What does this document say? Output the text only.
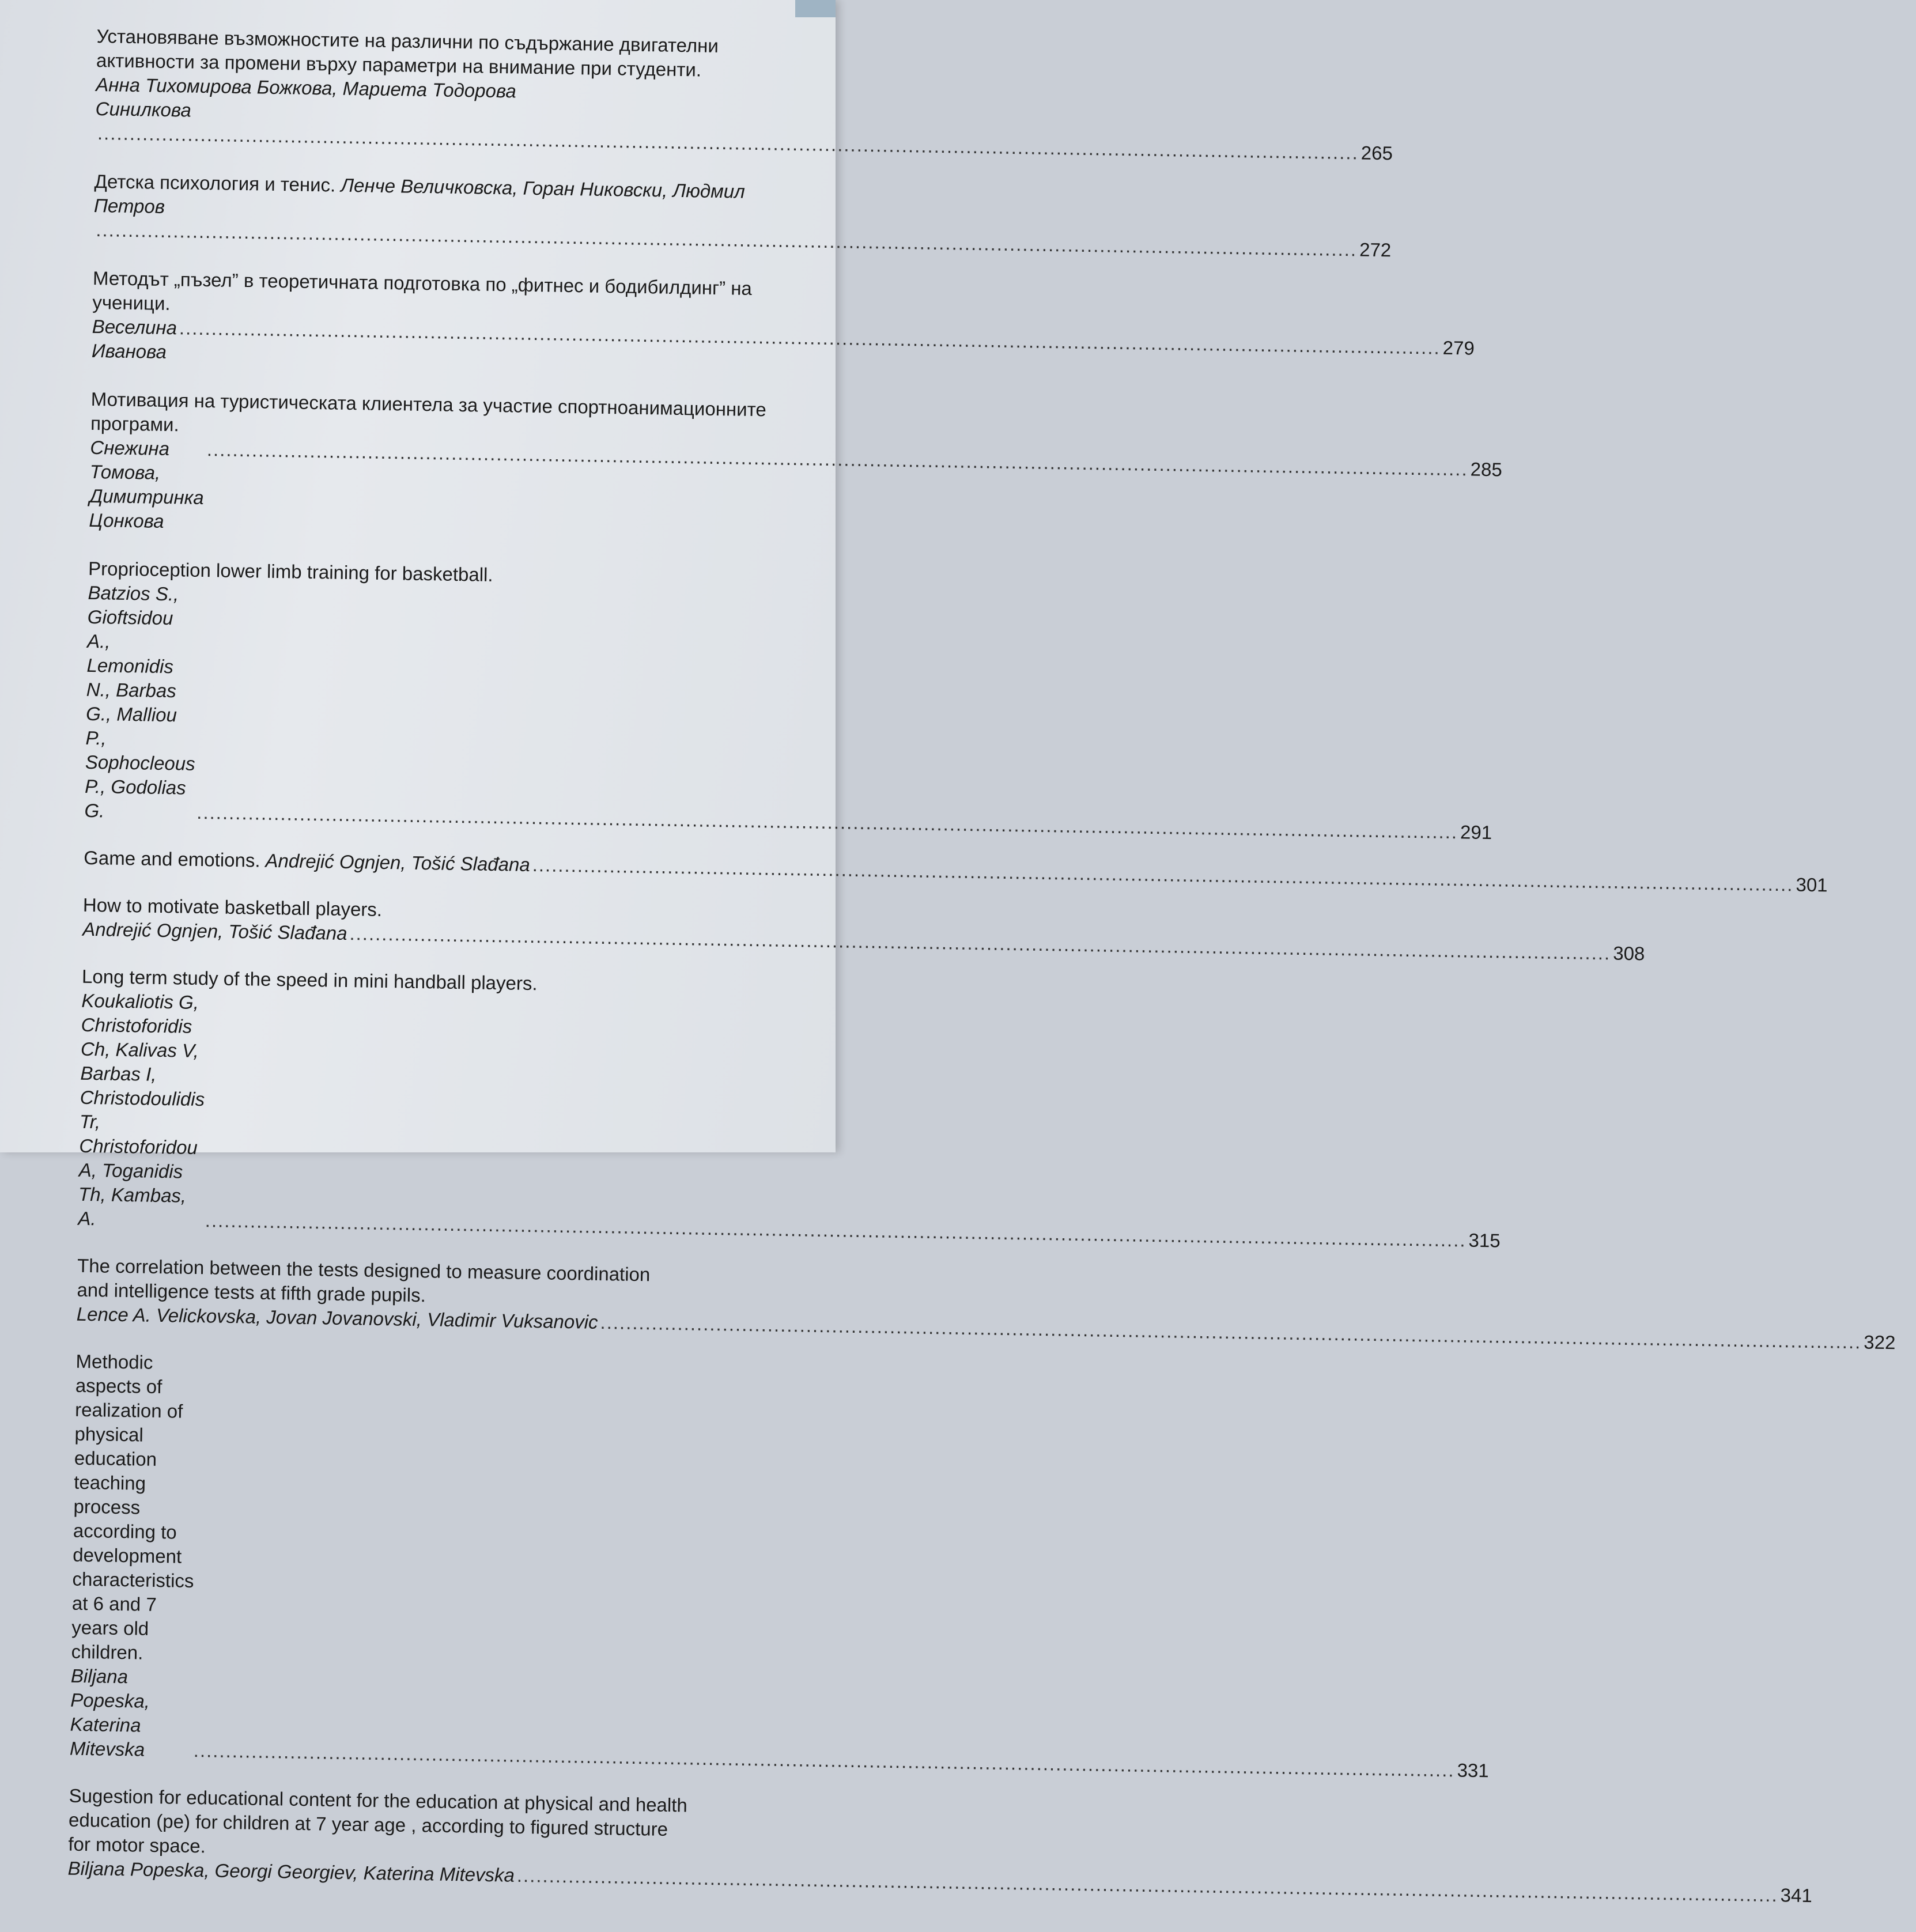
Установяване възможностите на различни по съдържание двигателни активности за промени върху параметри на внимание при студенти.
Анна Тихомирова Божкова, Мариета Тодорова Синилкова
.................................................................................................................................................................................................... 265
Детска психология и тенис. Ленче Величковска, Горан Никовски, Людмил Петров
.................................................................................................................................................................................................... 272
Методът „пъзел” в теоретичната подготовка по „фитнес и бодибилдинг” на ученици.
Веселина Иванова .................................................................................................................................................................................................... 279
Мотивация на туристическата клиентела за участие спортноанимационните програми.
Снежина Томова, Димитринка Цонкова
.................................................................................................................................................................................................... 285
Proprioception lower limb training for basketball.
Batzios S., Gioftsidou A., Lemonidis N., Barbas G., Malliou P., Sophocleous P., Godolias G.	.................................................................................................................................................................................................... 291
Game and emotions. Andrejić Ognjen, Tošić Slađana .................................................................................................................................................................................................... 301
How to motivate basketball players.
Andrejić Ognjen, Tošić Slađana .................................................................................................................................................................................................... 308
Long term study of the speed in mini handball players.
Koukaliotis G, Christoforidis Ch, Kalivas V, Barbas I, Christodoulidis Tr, Christoforidou A, Toganidis Th, Kambas, A.	.................................................................................................................................................................................................... 315
The correlation between the tests designed to measure coordination and intelligence tests at fifth grade pupils.
Lence A. Velickovska, Jovan Jovanovski, Vladimir Vuksanovic .................................................................................................................................................................................................... 322
Methodic aspects of realization of physical education teaching process according to development characteristics at 6 and 7 years old children. Biljana Popeska, Katerina Mitevska	.................................................................................................................................................................................................... 331
Sugestion for educational content for the education at physical and health education (pe) for children at 7 year age , according to figured structure for motor space.
Biljana Popeska, Georgi Georgiev, Katerina Mitevska .................................................................................................................................................................................................... 341
